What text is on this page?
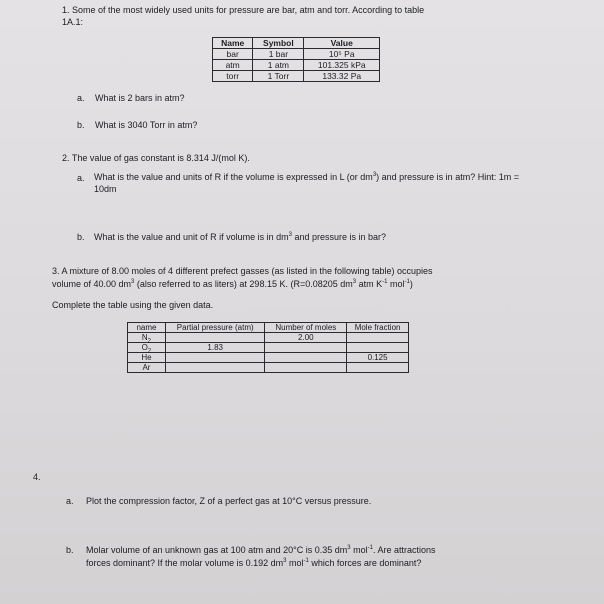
1. Some of the most widely used units for pressure are bar, atm and torr. According to table
1A.1:
Name	Symbol	Value
bar	1 bar	10⁵ Pa
atm	1 atm	101.325 kPa
torr	1 Torr	133.32 Pa
a. What is 2 bars in atm?
b. What is 3040 Torr in atm?
2. The value of gas constant is 8.314 J/(mol K).
a. What is the value and units of R if the volume is expressed in L (or $dm^3$) and pressure is in atm? Hint: 1m = 10dm
b. What is the value and unit of R if volume is in $dm^3$ and pressure is in bar?
3. A mixture of 8.00 moles of 4 different prefect gasses (as listed in the following table) occupies
volume of 40.00 $dm^3$ (also referred to as liters) at 298.15 K. (R=0.08205 $dm^3$ atm $K^{-1}$ mol$^{-1}$)
Complete the table using the given data.
name	Partial pressure (atm)	Number of moles	Mole fraction
$N_2$		2.00	
$O_2$	1.83		
He			0.125
Ar			
4.
a. Plot the compression factor, Z of a perfect gas at 10°C versus pressure.
b. Molar volume of an unknown gas at 100 atm and 20°C is 0.35 $dm^3$ mol$^{-1}$. Are attractions
forces dominant? If the molar volume is 0.192 $dm^3$ mol$^{-1}$ which forces are dominant?
